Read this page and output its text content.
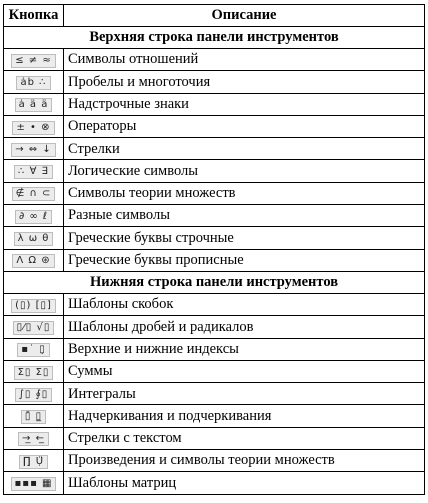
Кнопка	Описание
Верхняя строка панели инструментов	
≤ ≠ ≈	Символы отношений
ȧb ∴	Пробелы и многоточия
ȧ ä ä	Надстрочные знаки
± • ⊗	Операторы
→ ⇔ ↓	Стрелки
∴ ∀ ∃	Логические символы
∉ ∩ ⊂	Символы теории множеств
∂ ∞ ℓ	Разные символы
λ ω θ	Греческие буквы строчные
Λ Ω ⊛	Греческие буквы прописные
Нижняя строка панели инструментов	
(▯) [▯]	Шаблоны скобок
▯⁄▯ √▯	Шаблоны дробей и радикалов
▪˙ ▯̣	Верхние и нижние индексы
Σ▯ Σ▯	Суммы
∫▯ ∮▯	Интегралы
▯̄ ▯̲	Надчеркивания и подчеркивания
→̲ ←̲	Стрелки с текстом
∏̣ Ụ̈	Произведения и символы теории множеств
▪▪▪ ▦	Шаблоны матриц
